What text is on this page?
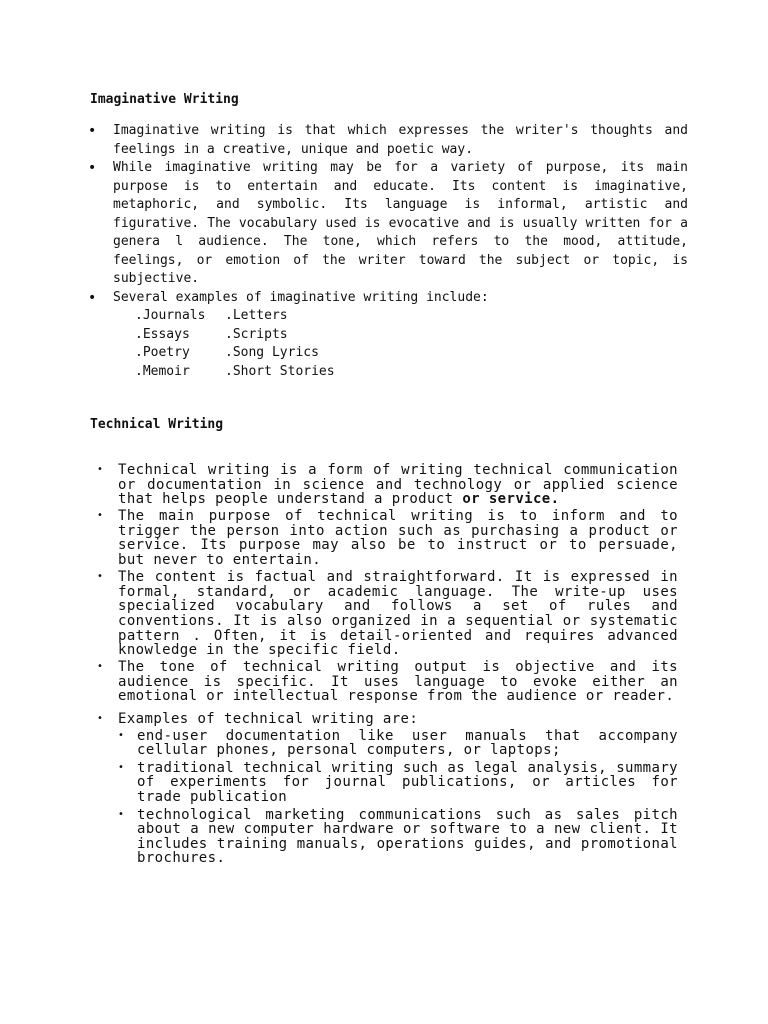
Imaginative Writing
• Imaginative writing is that which expresses the writer's thoughts and feelings in a creative, unique and poetic way.
• While imaginative writing may be for a variety of purpose, its main purpose is to entertain and educate. Its content is imaginative, metaphoric, and symbolic. Its language is informal, artistic and figurative. The vocabulary used is evocative and is usually written for a genera l audience. The tone, which refers to the mood, attitude, feelings, or emotion of the writer toward the subject or topic, is subjective.
• Several examples of imaginative writing include:
.Journals	.Letters
.Essays	.Scripts
.Poetry	.Song Lyrics
.Memoir	.Short Stories
Technical Writing
• Technical writing is a form of writing technical communication or documentation in science and technology or applied science that helps people understand a product or service.
• The main purpose of technical writing is to inform and to trigger the person into action such as purchasing a product or service. Its purpose may also be to instruct or to persuade, but never to entertain.
• The content is factual and straightforward. It is expressed in formal, standard, or academic language. The write-up uses specialized vocabulary and follows a set of rules and conventions. It is also organized in a sequential or systematic pattern . Often, it is detail-oriented and requires advanced knowledge in the specific field.
• The tone of technical writing output is objective and its audience is specific. It uses language to evoke either an emotional or intellectual response from the audience or reader.
• Examples of technical writing are:
• end-user documentation like user manuals that accompany cellular phones, personal computers, or laptops;
• traditional technical writing such as legal analysis, summary of experiments for journal publications, or articles for trade publication
• technological marketing communications such as sales pitch about a new computer hardware or software to a new client. It includes training manuals, operations guides, and promotional brochures.
